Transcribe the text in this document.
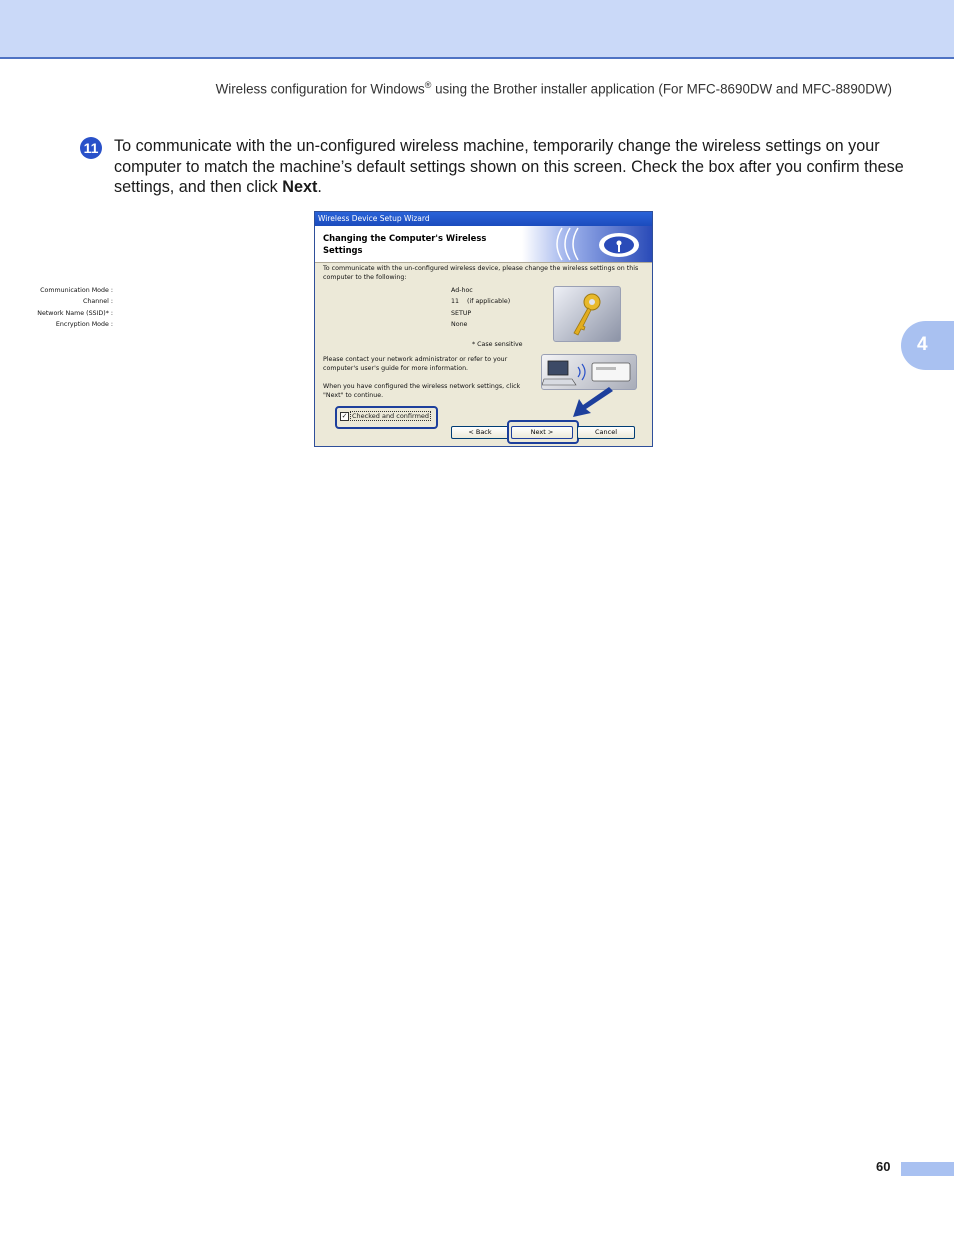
Wireless configuration for Windows® using the Brother installer application (For MFC-8690DW and MFC-8890DW)
4
11 To communicate with the un-configured wireless machine, temporarily change the wireless settings on your computer to match the machine’s default settings shown on this screen. Check the box after you confirm these settings, and then click Next.
Wireless Device Setup Wizard
Changing the Computer's Wireless Settings
To communicate with the un-configured wireless device, please change the wireless settings on this computer to the following:
Communication Mode :	Ad-hoc
Channel :	11    (if applicable)
Network Name (SSID)* :	SETUP
Encryption Mode :	None
* Case sensitive
Please contact your network administrator or refer to your computer's user's guide for more information.
When you have configured the wireless network settings, click "Next" to continue.
✓ Checked and confirmed
< Back	Next >	Cancel
60
